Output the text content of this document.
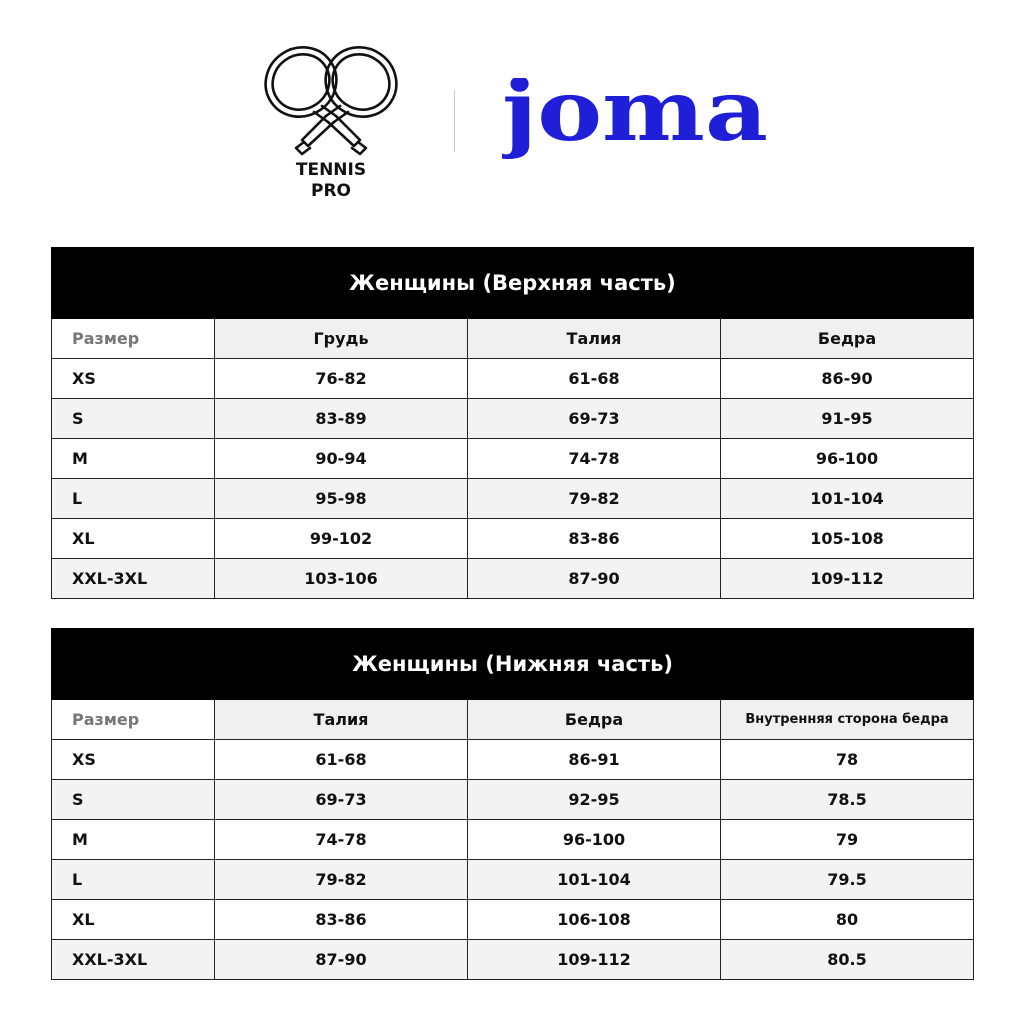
TENNIS
PRO
joma
Женщины (Верхняя часть)			
Размер	Грудь	Талия	Бедра
XS	76-82	61-68	86-90
S	83-89	69-73	91-95
M	90-94	74-78	96-100
L	95-98	79-82	101-104
XL	99-102	83-86	105-108
XXL-3XL	103-106	87-90	109-112
Женщины (Нижняя часть)			
Размер	Талия	Бедра	Внутренняя сторона бедра
XS	61-68	86-91	78
S	69-73	92-95	78.5
M	74-78	96-100	79
L	79-82	101-104	79.5
XL	83-86	106-108	80
XXL-3XL	87-90	109-112	80.5
